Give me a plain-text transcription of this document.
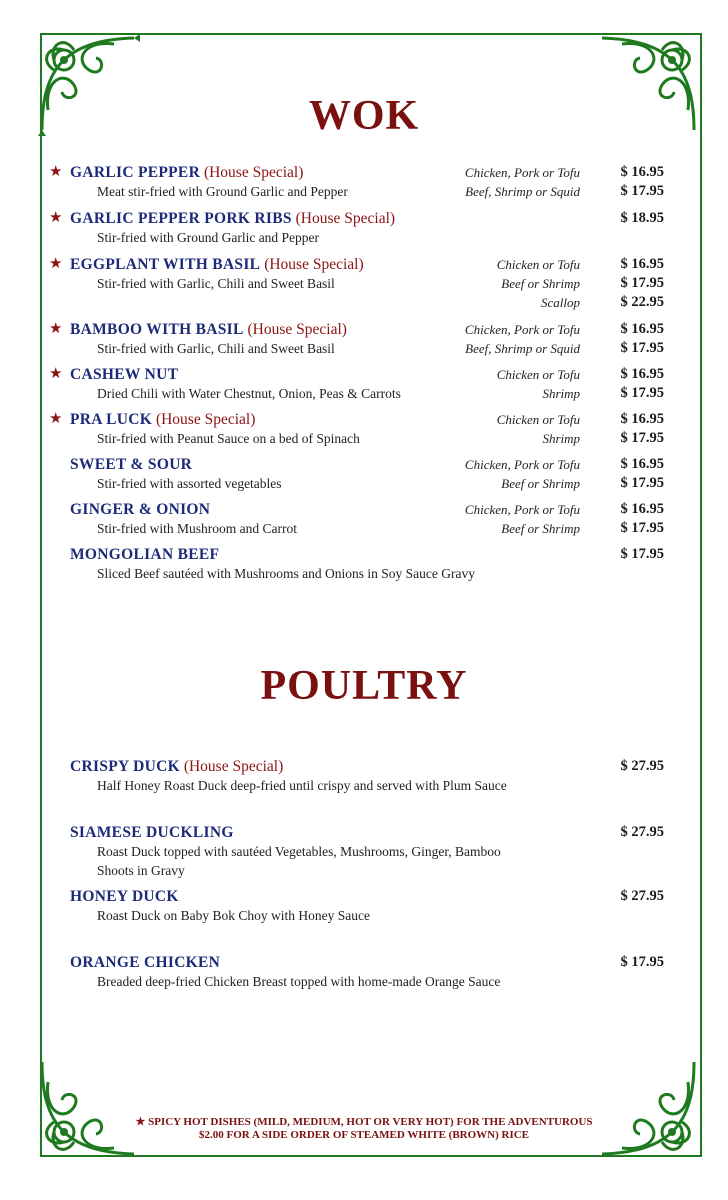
WOK
★ GARLIC PEPPER (House Special)
Meat stir-fried with Ground Garlic and Pepper
Chicken, Pork or Tofu
Beef, Shrimp or Squid
$ 16.95
$ 17.95
★ GARLIC PEPPER PORK RIBS (House Special)
Stir-fried with Ground Garlic and Pepper
$ 18.95
★ EGGPLANT WITH BASIL (House Special)
Stir-fried with Garlic, Chili and Sweet Basil
Chicken or Tofu
Beef or Shrimp
Scallop
$ 16.95
$ 17.95
$ 22.95
★ BAMBOO WITH BASIL (House Special)
Stir-fried with Garlic, Chili and Sweet Basil
Chicken, Pork or Tofu
Beef, Shrimp or Squid
$ 16.95
$ 17.95
★ CASHEW NUT
Dried Chili with Water Chestnut, Onion, Peas & Carrots
Chicken or Tofu
Shrimp
$ 16.95
$ 17.95
★ PRA LUCK (House Special)
Stir-fried with Peanut Sauce on a bed of Spinach
Chicken or Tofu
Shrimp
$ 16.95
$ 17.95
SWEET & SOUR
Stir-fried with assorted vegetables
Chicken, Pork or Tofu
Beef or Shrimp
$ 16.95
$ 17.95
GINGER & ONION
Stir-fried with Mushroom and Carrot
Chicken, Pork or Tofu
Beef or Shrimp
$ 16.95
$ 17.95
MONGOLIAN BEEF
Sliced Beef sautéed with Mushrooms and Onions in Soy Sauce Gravy
$ 17.95
POULTRY
CRISPY DUCK (House Special)
Half Honey Roast Duck deep-fried until crispy and served with Plum Sauce
$ 27.95
SIAMESE DUCKLING
Roast Duck topped with sautéed Vegetables, Mushrooms, Ginger, Bamboo
Shoots in Gravy
$ 27.95
HONEY DUCK
Roast Duck on Baby Bok Choy with Honey Sauce
$ 27.95
ORANGE CHICKEN
Breaded deep-fried Chicken Breast topped with home-made Orange Sauce
$ 17.95
★ SPICY HOT DISHES (MILD, MEDIUM, HOT OR VERY HOT) FOR THE ADVENTUROUS
$2.00 FOR A SIDE ORDER OF STEAMED WHITE (BROWN) RICE
